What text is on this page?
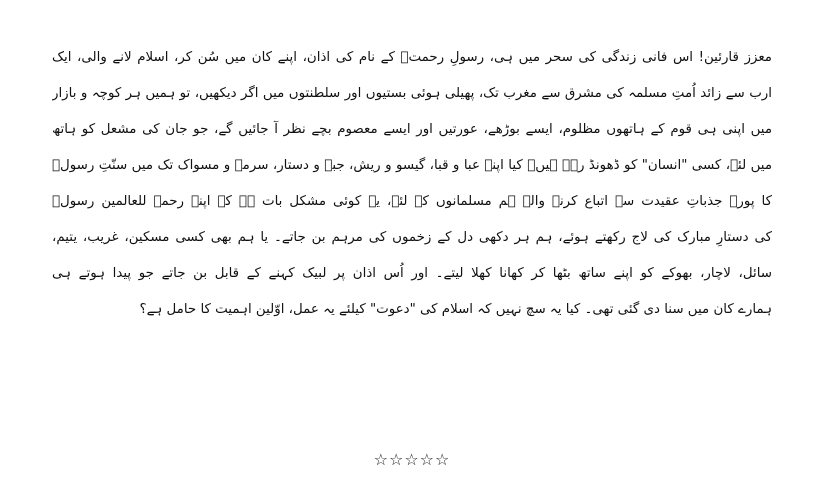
معزز قارئین! اس فانی زندگی کی سحر میں ہی، رسولِ رحمتؐ کے نام کی اذان، اپنے کان میں سُن کر، اسلام لانے والی، ایک
ارب سے زائد اُمتِ مسلمہ کی مشرق سے مغرب تک، پھیلی ہوئی بستیوں اور سلطنتوں میں اگر دیکھیں، تو ہمیں ہر کوچہ و بازار
میں اپنی ہی قوم کے ہاتھوں مظلوم، ایسے بوڑھے، عورتیں اور ایسے معصوم بچے نظر آ جائیں گے، جو جان کی مشعل کو ہاتھ
میں لئے، کسی "انسان" کو ڈھونڈ رہے ہیں۔ کیا اپنے عبا و قبا، گیسو و ریش، جبہ و دستار، سرمہ و مسواک تک میں سنّتِ رسولؐ
کا پورے جذباتِ عقیدت سے اتباع کرنے والے ہم مسلمانوں کے لئے، یہ کوئی مشکل بات ہے کہ اپنے رحمۃ للعالمین رسولؐ
کی دستارِ مبارک کی لاج رکھتے ہوئے، ہم ہر دکھی دل کے زخموں کی مرہم بن جاتے۔ یا ہم بھی کسی مسکین، غریب، یتیم،
سائل، لاچار، بھوکے کو اپنے ساتھ بٹھا کر کھانا کھلا لیتے۔ اور اُس اذان پر لبیک کہنے کے قابل بن جاتے جو پیدا ہوتے ہی
ہمارے کان میں سنا دی گئی تھی۔ کیا یہ سچ نہیں کہ اسلام کی "دعوت" کیلئے یہ عمل، اوّلین اہمیت کا حامل ہے؟
☆☆☆☆☆
